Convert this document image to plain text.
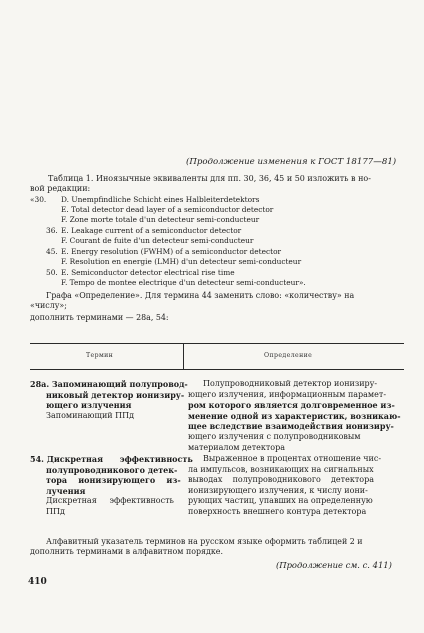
(Продолжение изменения к ГОСТ 18177—81)
Таблица 1. Иноязычные эквиваленты для пп. 30, 36, 45 и 50 изложить в но-
вой редакции:
«30. D. Unempfindliche Schicht eines Halbleiterdetektors
E. Total detector dead layer of a semiconductor detector
F. Zone morte totale d'un detecteur semi-conducteur
36. E. Leakage current of a semiconductor detector
F. Courant de fuite d'un detecteur semi-conducteur
45. E. Energy resolution (FWHM) of a semiconductor detector
F. Resolution en energie (LMH) d'un detecteur semi-conducteur
50. E. Semiconductor detector electrical rise time
F. Tempo de montee electrique d'un detecteur semi-conducteur».
Графа «Определение». Для термина 44 заменить слово: «количеству» на
«числу»;
дополнить терминами — 28а, 54:
Термин	Определение
28а. Запоминающий полупровод-
никовый детектор ионизиру-
ющего излучения
Запоминающий ППд
Полупроводниковый детектор ионизиру-
ющего излучения, информационным парамет-
ром которого является долговременное из-
менение одной из характеристик, возникаю-
щее вследствие взаимодействия ионизиру-
ющего излучения с полупроводниковым
материалом детектора
54. Дискретная      эффективность
полупроводникового детек-
тора    ионизирующего    из-
лучения
Дискретная     эффективность
ППд
Выраженное в процентах отношение чис-
ла импульсов, возникающих на сигнальных
выводах    полупроводникового    детектора
ионизирующего излучения, к числу иони-
рующих частиц, упавших на определенную
поверхность внешнего контура детектора
Алфавитный указатель терминов на русском языке оформить таблицей 2 и
дополнить терминами в алфавитном порядке.
(Продолжение см. с. 411)
410
